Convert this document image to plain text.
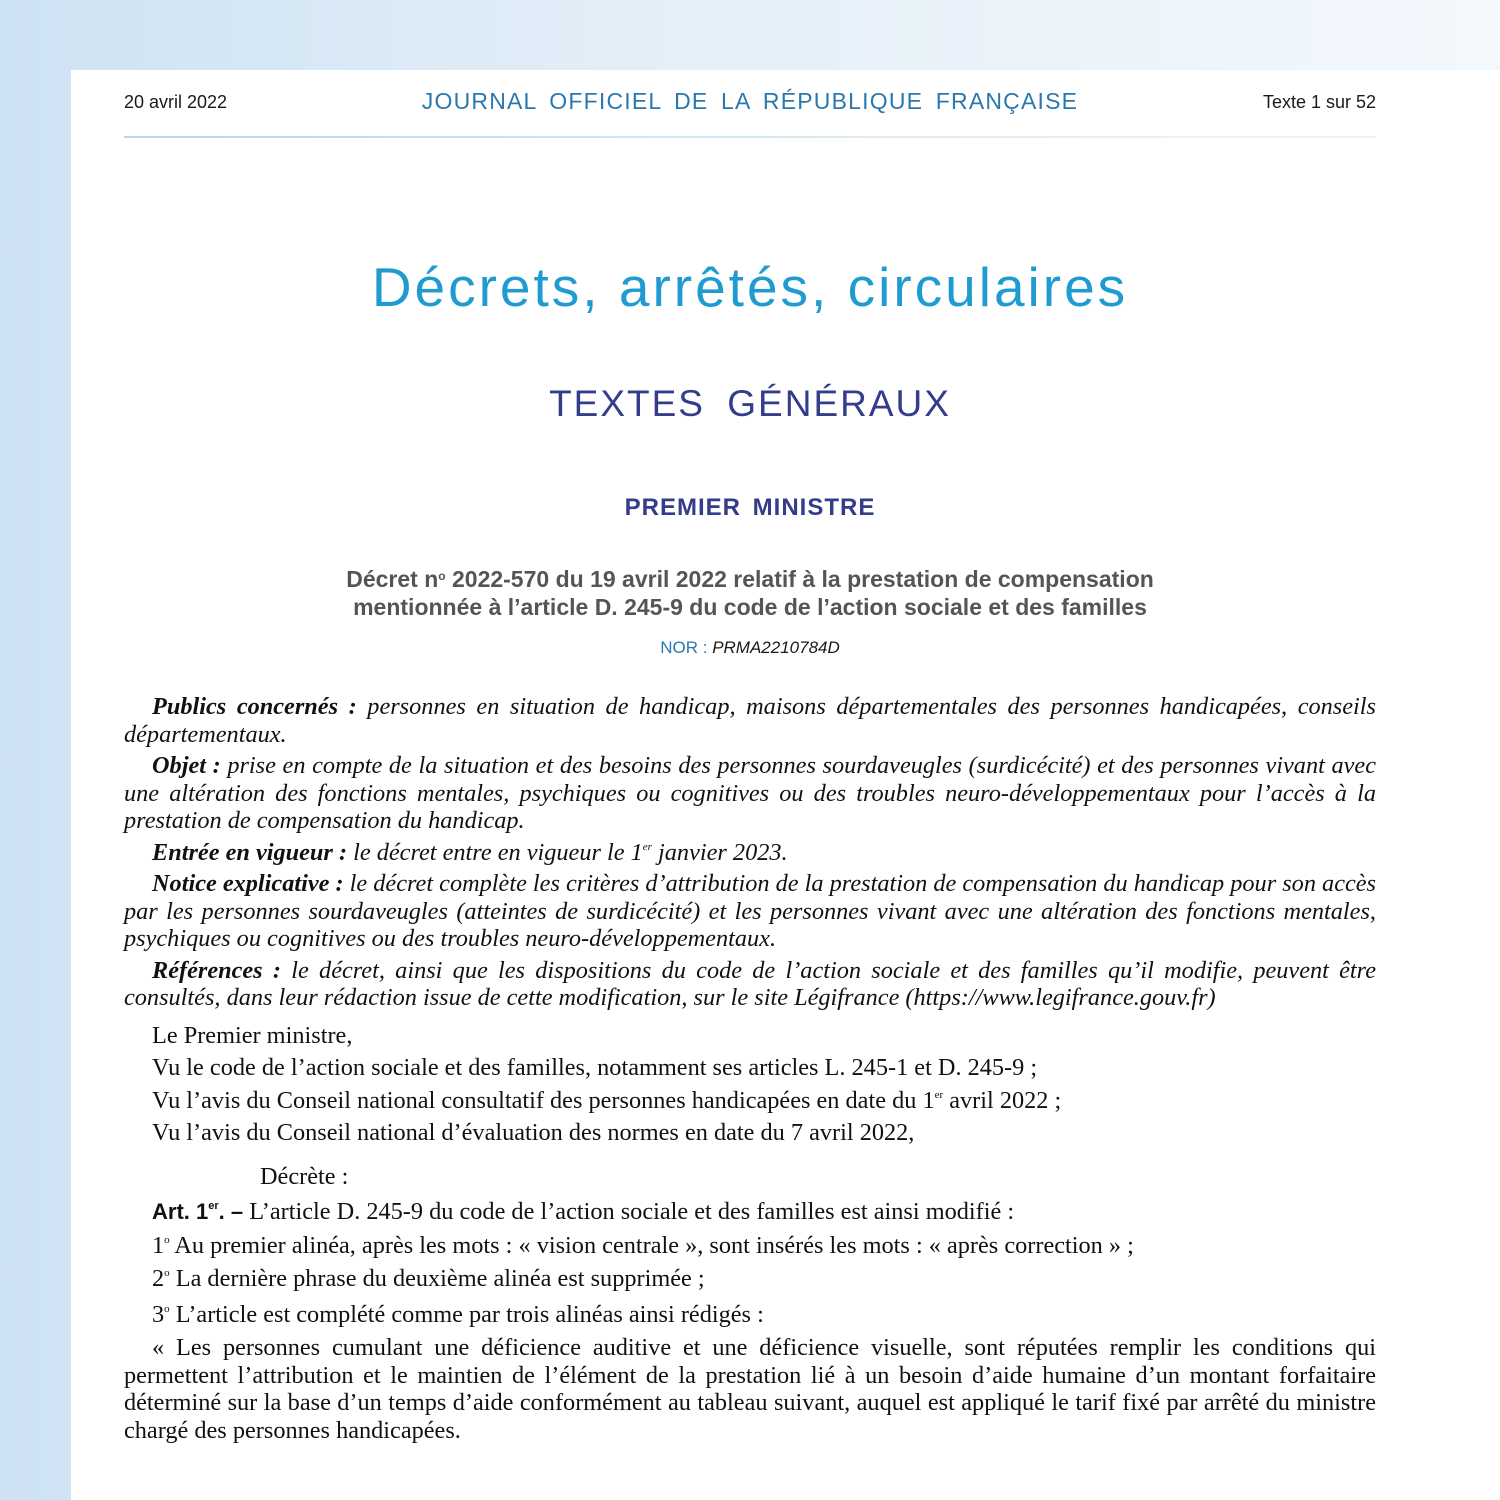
20 avril 2022	JOURNAL OFFICIEL DE LA RÉPUBLIQUE FRANÇAISE	Texte 1 sur 52
Décrets, arrêtés, circulaires
TEXTES GÉNÉRAUX
PREMIER MINISTRE
Décret $n^o$ 2022-570 du 19 avril 2022 relatif à la prestation de compensation
mentionnée à l’article D. 245-9 du code de l’action sociale et des familles
NOR : PRMA2210784D

Publics concernés : personnes en situation de handicap, maisons départementales des personnes handicapées, conseils départementaux.

Objet : prise en compte de la situation et des besoins des personnes sourdaveugles (surdicécité) et des personnes vivant avec une altération des fonctions mentales, psychiques ou cognitives ou des troubles neuro-développementaux pour l’accès à la prestation de compensation du handicap.

Entrée en vigueur : le décret entre en vigueur le 1er janvier 2023.

Notice explicative : le décret complète les critères d’attribution de la prestation de compensation du handicap pour son accès par les personnes sourdaveugles (atteintes de surdicécité) et les personnes vivant avec une altération des fonctions mentales, psychiques ou cognitives ou des troubles neuro-développementaux.

Références : le décret, ainsi que les dispositions du code de l’action sociale et des familles qu’il modifie, peuvent être consultés, dans leur rédaction issue de cette modification, sur le site Légifrance (https://www.legifrance.gouv.fr)

Le Premier ministre,

Vu le code de l’action sociale et des familles, notamment ses articles L. 245-1 et D. 245-9 ;

Vu l’avis du Conseil national consultatif des personnes handicapées en date du 1er avril 2022 ;

Vu l’avis du Conseil national d’évaluation des normes en date du 7 avril 2022,

Décrète :

Art. 1er. – L’article D. 245-9 du code de l’action sociale et des familles est ainsi modifié :

1$^o$ Au premier alinéa, après les mots : « vision centrale », sont insérés les mots : « après correction » ;

2$^o$ La dernière phrase du deuxième alinéa est supprimée ;

3$^o$ L’article est complété comme par trois alinéas ainsi rédigés :

« Les personnes cumulant une déficience auditive et une déficience visuelle, sont réputées remplir les conditions qui permettent l’attribution et le maintien de l’élément de la prestation lié à un besoin d’aide humaine d’un montant forfaitaire déterminé sur la base d’un temps d’aide conformément au tableau suivant, auquel est appliqué le tarif fixé par arrêté du ministre chargé des personnes handicapées.
